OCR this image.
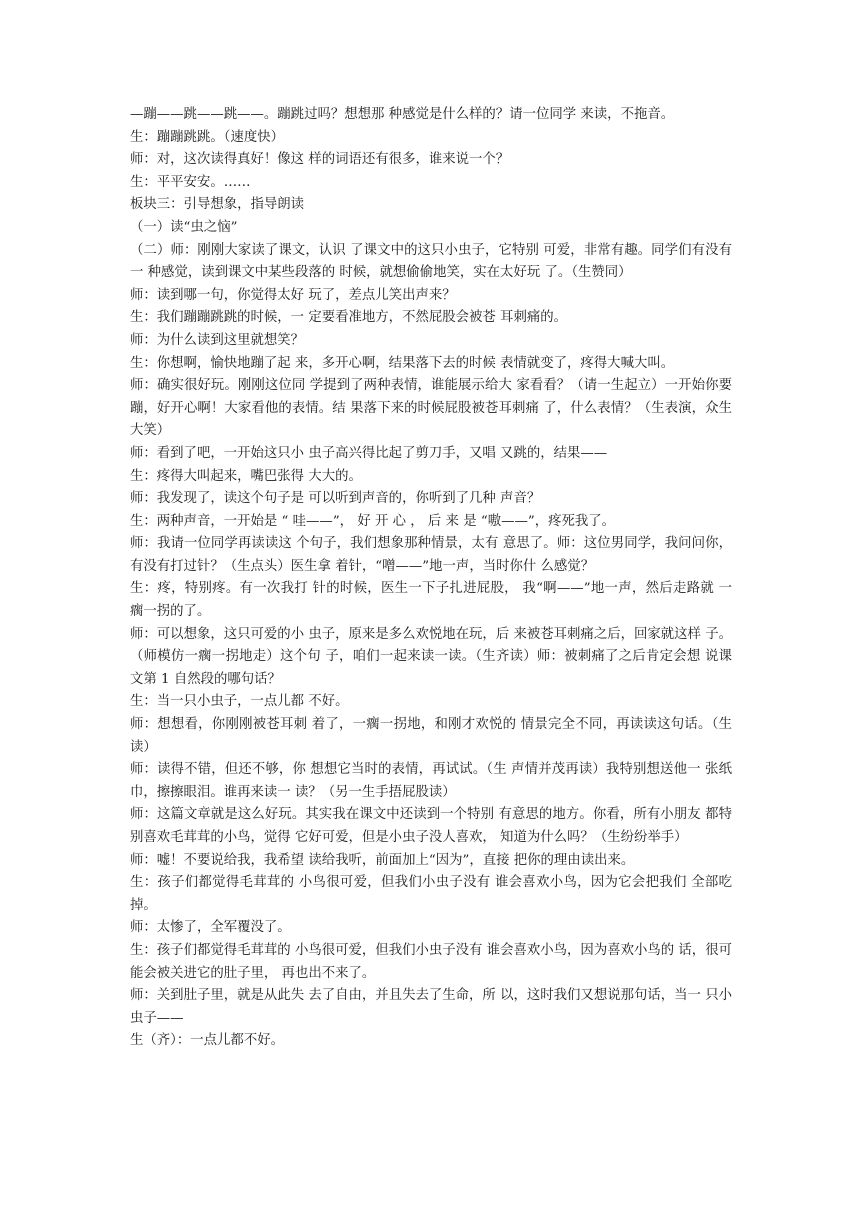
—蹦——跳——跳——。蹦跳过吗？想想那 种感觉是什么样的？请一位同学 来读，不拖音。

生：蹦蹦跳跳。（速度快）

师：对，这次读得真好！像这 样的词语还有很多，谁来说一个？

生：平平安安。……

板块三：引导想象，指导朗读

（一）读“虫之恼”

（二）师：刚刚大家读了课文，认识 了课文中的这只小虫子，它特别 可爱，非常有趣。同学们有没有一 种感觉，读到课文中某些段落的 时候，就想偷偷地笑，实在太好玩 了。（生赞同）

师：读到哪一句，你觉得太好 玩了，差点儿笑出声来？

生：我们蹦蹦跳跳的时候，一 定要看准地方，不然屁股会被苍 耳刺痛的。

师：为什么读到这里就想笑？

生：你想啊，愉快地蹦了起 来，多开心啊，结果落下去的时候 表情就变了，疼得大喊大叫。

师：确实很好玩。刚刚这位同 学提到了两种表情，谁能展示给大 家看看？（请一生起立）一开始你要 蹦，好开心啊！大家看他的表情。结 果落下来的时候屁股被苍耳刺痛 了，什么表情？（生表演，众生大笑）

师：看到了吧，一开始这只小 虫子高兴得比起了剪刀手，又唱 又跳的，结果——

生：疼得大叫起来，嘴巴张得 大大的。

师：我发现了，读这个句子是 可以听到声音的，你听到了几种 声音？

生：两种声音，一开始是 “ 哇——”， 好 开 心 ， 后 来 是 “嗷——”，疼死我了。

师：我请一位同学再读读这 个句子，我们想象那种情景，太有 意思了。师：这位男同学，我问问你， 有没有打过针？（生点头）医生拿 着针，“噌——”地一声，当时你什 么感觉？

生：疼，特别疼。有一次我打 针的时候，医生一下子扎进屁股， 我“啊——”地一声，然后走路就 一瘸一拐的了。

师：可以想象，这只可爱的小 虫子，原来是多么欢悦地在玩，后 来被苍耳刺痛之后，回家就这样 子。（师模仿一瘸一拐地走）这个句 子，咱们一起来读一读。（生齐读）师：被刺痛了之后肯定会想 说课文第 1 自然段的哪句话？

生：当一只小虫子，一点儿都 不好。

师：想想看，你刚刚被苍耳刺 着了，一瘸一拐地，和刚才欢悦的 情景完全不同，再读读这句话。（生读）

师：读得不错，但还不够，你 想想它当时的表情，再试试。（生 声情并茂再读）我特别想送他一 张纸巾，擦擦眼泪。谁再来读一 读？（另一生手捂屁股读）

师：这篇文章就是这么好玩。其实我在课文中还读到一个特别 有意思的地方。你看，所有小朋友 都特别喜欢毛茸茸的小鸟，觉得 它好可爱，但是小虫子没人喜欢， 知道为什么吗？（生纷纷举手）

师：嘘！不要说给我，我希望 读给我听，前面加上“因为”，直接 把你的理由读出来。

生：孩子们都觉得毛茸茸的 小鸟很可爱，但我们小虫子没有 谁会喜欢小鸟，因为它会把我们 全部吃掉。

师：太惨了，全军覆没了。

生：孩子们都觉得毛茸茸的 小鸟很可爱，但我们小虫子没有 谁会喜欢小鸟，因为喜欢小鸟的 话，很可能会被关进它的肚子里， 再也出不来了。

师：关到肚子里，就是从此失 去了自由，并且失去了生命，所 以，这时我们又想说那句话，当一 只小虫子——

生（齐）：一点儿都不好。
